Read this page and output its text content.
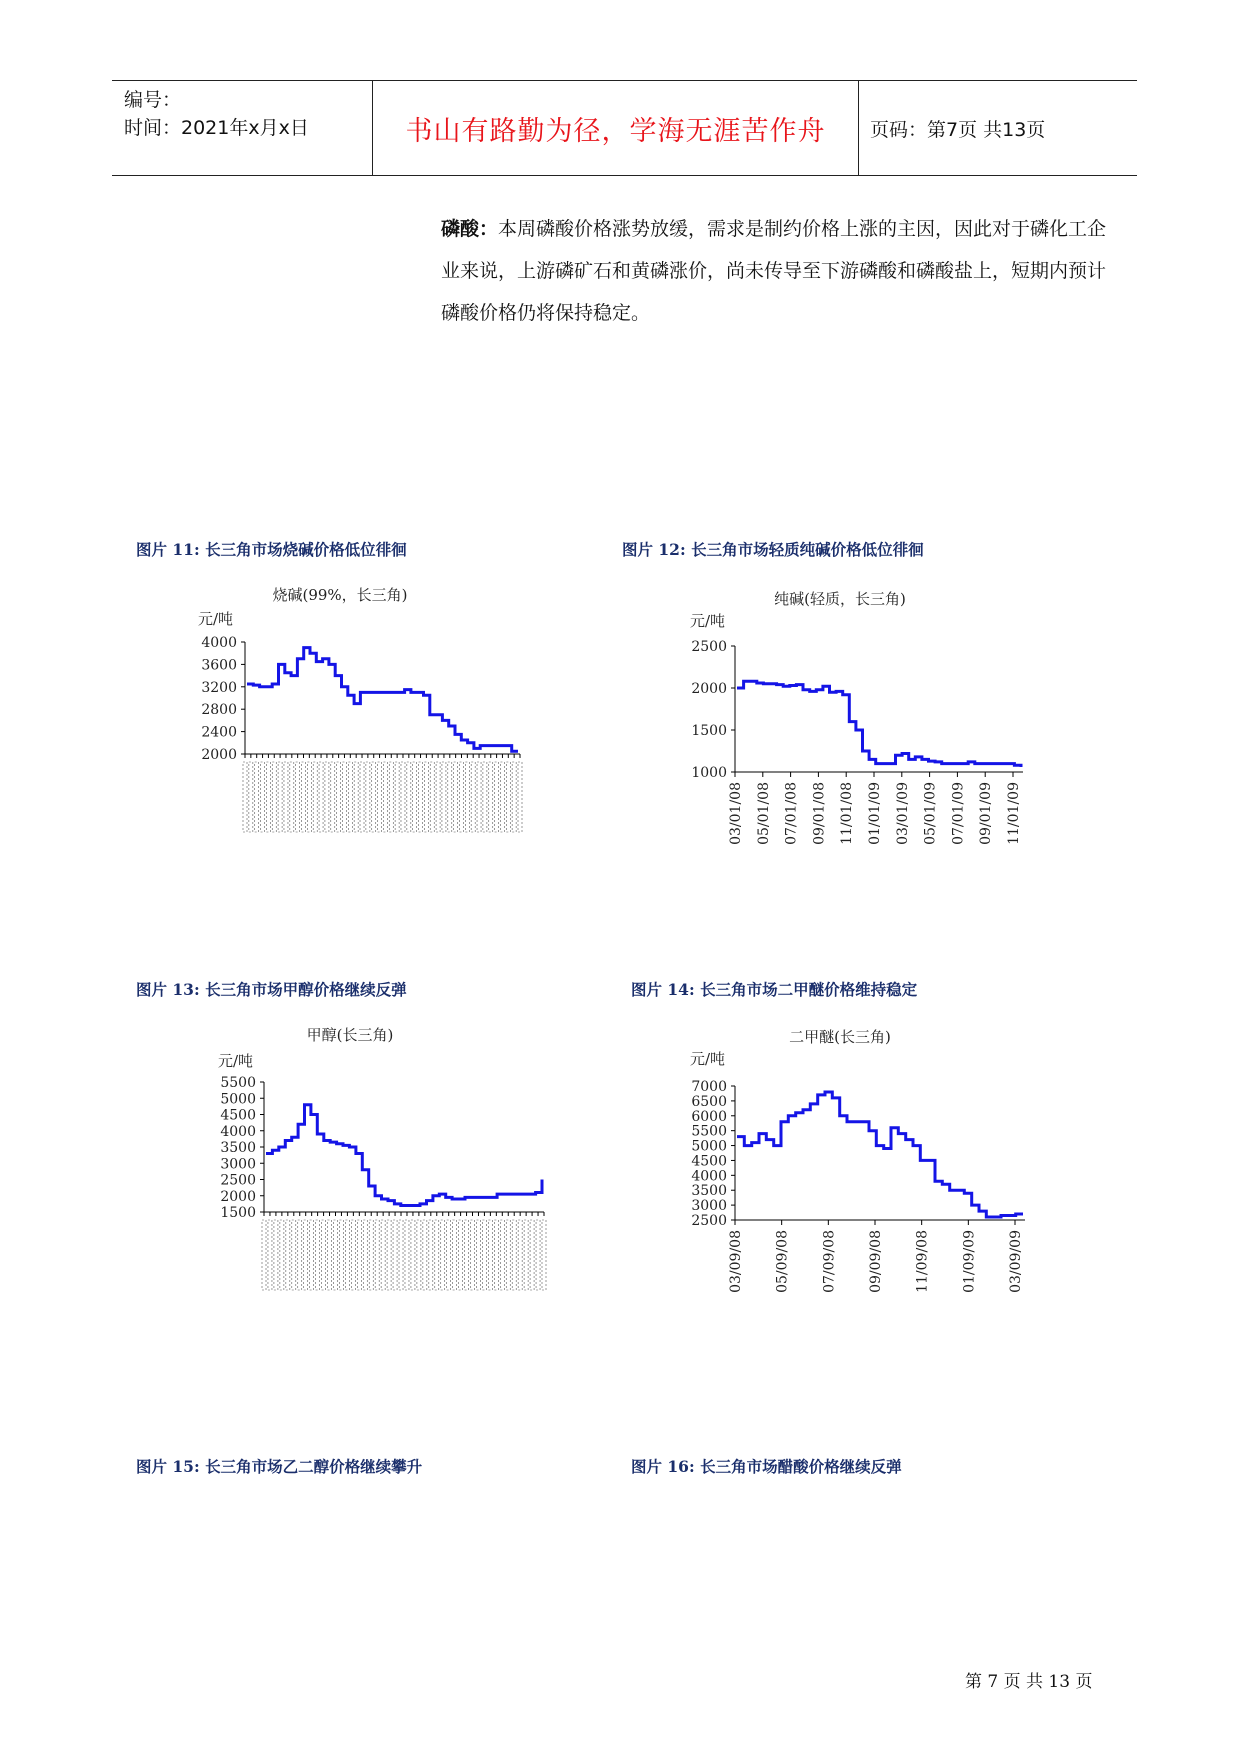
编号：
时间：2021年x月x日	书山有路勤为径，学海无涯苦作舟 页码：第7页 共13页
磷酸：本周磷酸价格涨势放缓，需求是制约价格上涨的主因，因此对于磷化工企业来说，上游磷矿石和黄磷涨价，尚未传导至下游磷酸和磷酸盐上，短期内预计磷酸价格仍将保持稳定。
图片 11: 长三角市场烧碱价格低位徘徊	图片 12: 长三角市场轻质纯碱价格低位徘徊
图片 13: 长三角市场甲醇价格继续反弹	图片 14: 长三角市场二甲醚价格维持稳定
图片 15: 长三角市场乙二醇价格继续攀升	图片 16: 长三角市场醋酸价格继续反弹
烧碱(99%，长三角)
元/吨
4000
3600
3200
2800
2400
2000
纯碱(轻质，长三角)
元/吨
2500
2000
1500
1000
03/01/08 05/01/08 07/01/08 09/01/08 11/01/08 01/01/09 03/01/09 05/01/09 07/01/09 09/01/09 11/01/09
甲醇(长三角)
元/吨
5500
5000
4500
4000
3500
3000
2500
2000
1500
二甲醚(长三角)
元/吨
7000
6500
6000
5500
5000
4500
4000
3500
3000
2500
03/09/08 05/09/08 07/09/08 09/09/08 11/09/08 01/09/09 03/09/09
第 7 页 共 13 页
